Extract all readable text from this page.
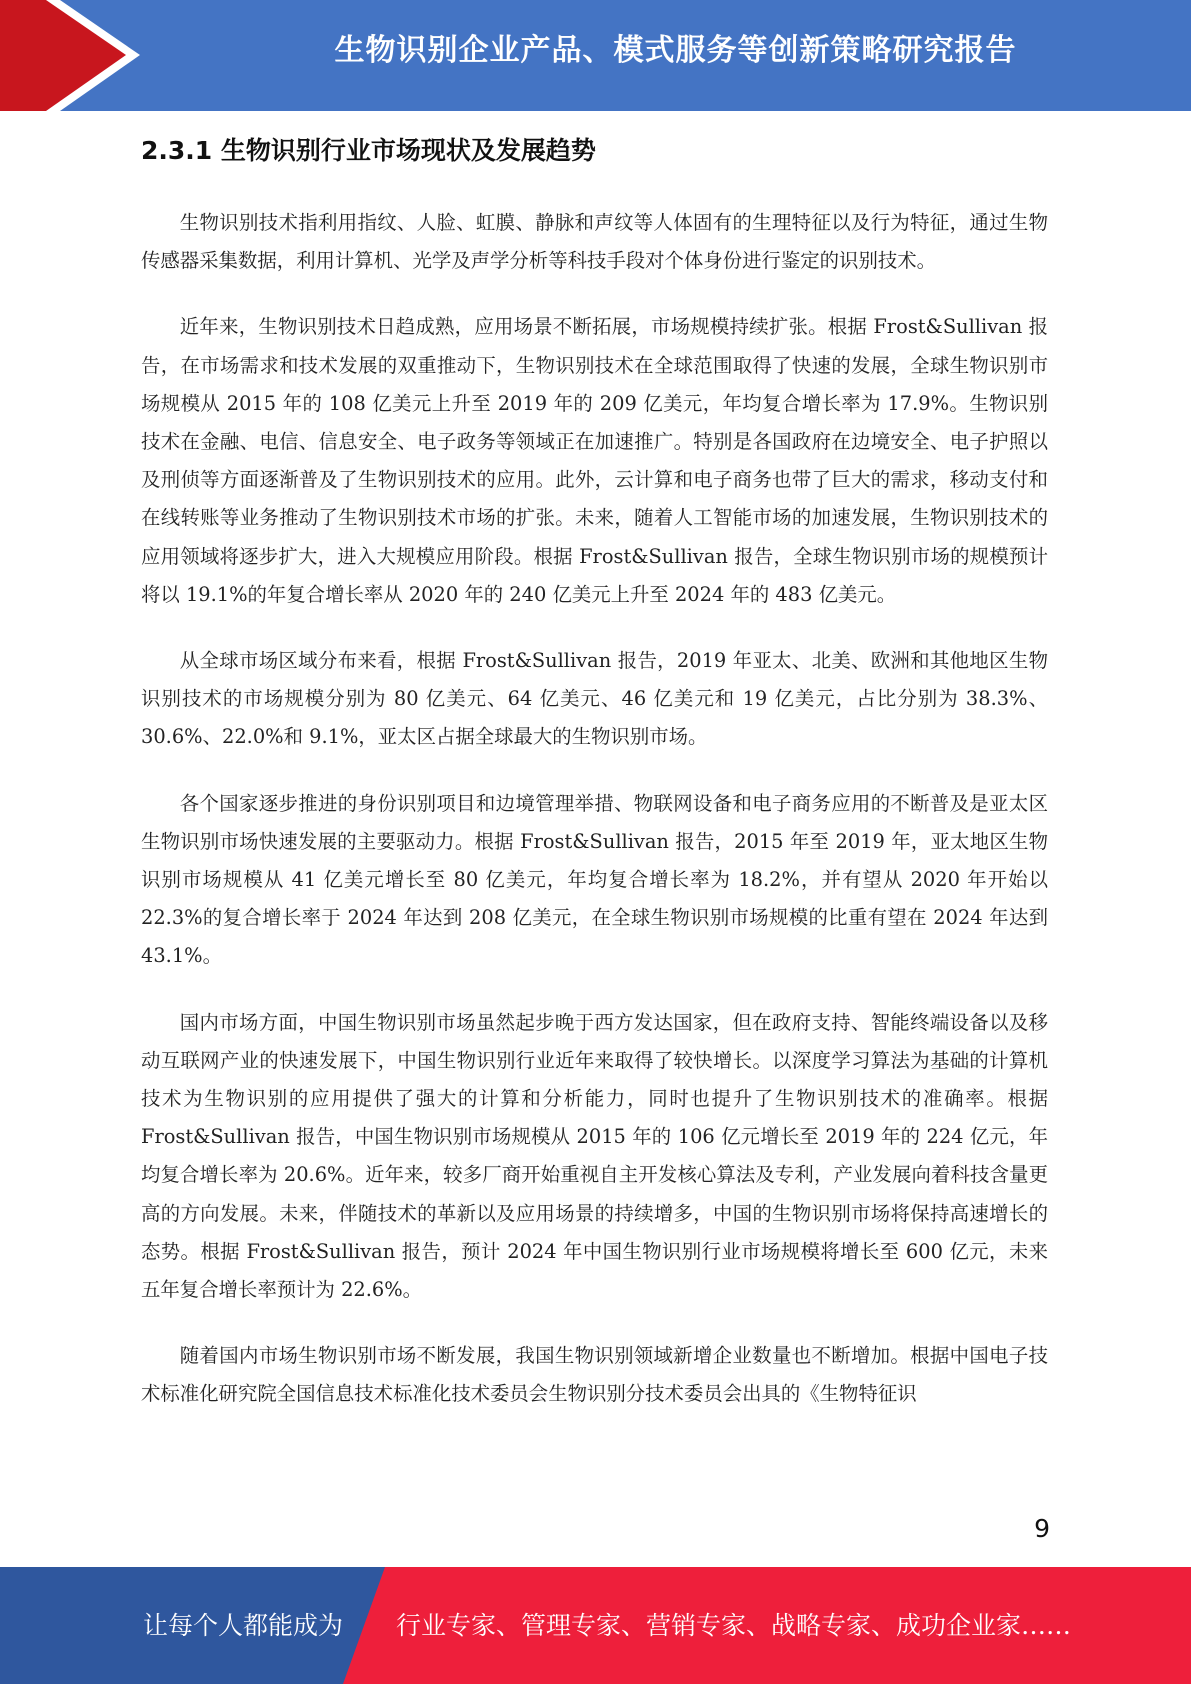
生物识别企业产品、模式服务等创新策略研究报告
2.3.1 生物识别行业市场现状及发展趋势

生物识别技术指利用指纹、人脸、虹膜、静脉和声纹等人体固有的生理特征以及行为特征，通过生物传感器采集数据，利用计算机、光学及声学分析等科技手段对个体身份进行鉴定的识别技术。

近年来，生物识别技术日趋成熟，应用场景不断拓展，市场规模持续扩张。根据 Frost&Sullivan 报告，在市场需求和技术发展的双重推动下，生物识别技术在全球范围取得了快速的发展，全球生物识别市场规模从 2015 年的 108 亿美元上升至 2019 年的 209 亿美元，年均复合增长率为 17.9%。生物识别技术在金融、电信、信息安全、电子政务等领域正在加速推广。特别是各国政府在边境安全、电子护照以及刑侦等方面逐渐普及了生物识别技术的应用。此外，云计算和电子商务也带了巨大的需求，移动支付和在线转账等业务推动了生物识别技术市场的扩张。未来，随着人工智能市场的加速发展，生物识别技术的应用领域将逐步扩大，进入大规模应用阶段。根据 Frost&Sullivan 报告，全球生物识别市场的规模预计将以 19.1%的年复合增长率从 2020 年的 240 亿美元上升至 2024 年的 483 亿美元。

从全球市场区域分布来看，根据 Frost&Sullivan 报告，2019 年亚太、北美、欧洲和其他地区生物识别技术的市场规模分别为 80 亿美元、64 亿美元、46 亿美元和 19 亿美元，占比分别为 38.3%、30.6%、22.0%和 9.1%，亚太区占据全球最大的生物识别市场。

各个国家逐步推进的身份识别项目和边境管理举措、物联网设备和电子商务应用的不断普及是亚太区生物识别市场快速发展的主要驱动力。根据 Frost&Sullivan 报告，2015 年至 2019 年，亚太地区生物识别市场规模从 41 亿美元增长至 80 亿美元，年均复合增长率为 18.2%，并有望从 2020 年开始以 22.3%的复合增长率于 2024 年达到 208 亿美元，在全球生物识别市场规模的比重有望在 2024 年达到 43.1%。

国内市场方面，中国生物识别市场虽然起步晚于西方发达国家，但在政府支持、智能终端设备以及移动互联网产业的快速发展下，中国生物识别行业近年来取得了较快增长。以深度学习算法为基础的计算机技术为生物识别的应用提供了强大的计算和分析能力，同时也提升了生物识别技术的准确率。根据 Frost&Sullivan 报告，中国生物识别市场规模从 2015 年的 106 亿元增长至 2019 年的 224 亿元，年均复合增长率为 20.6%。近年来，较多厂商开始重视自主开发核心算法及专利，产业发展向着科技含量更高的方向发展。未来，伴随技术的革新以及应用场景的持续增多，中国的生物识别市场将保持高速增长的态势。根据 Frost&Sullivan 报告，预计 2024 年中国生物识别行业市场规模将增长至 600 亿元，未来五年复合增长率预计为 22.6%。

随着国内市场生物识别市场不断发展，我国生物识别领域新增企业数量也不断增加。根据中国电子技术标准化研究院全国信息技术标准化技术委员会生物识别分技术委员会出具的《生物特征识

9
让每个人都能成为 行业专家、管理专家、营销专家、战略专家、成功企业家……
